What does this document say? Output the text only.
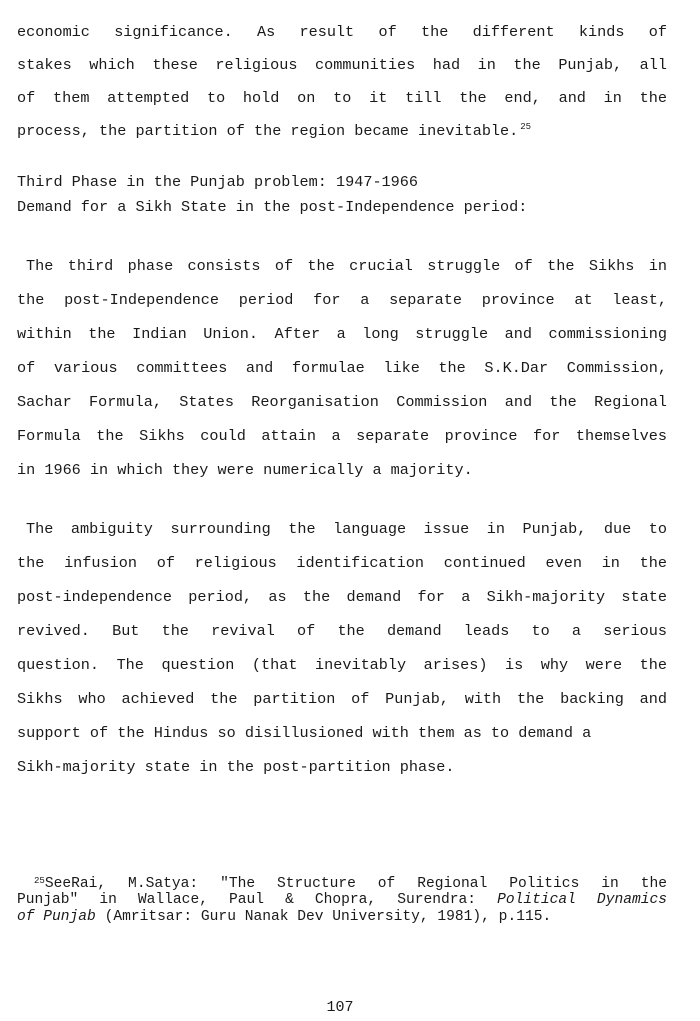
economic significance. As result of the different kinds of
stakes which these religious communities had in the Punjab, all
of them attempted to hold on to it till the end, and in the
process, the partition of the region became inevitable. $^{25}$
Third Phase in the Punjab problem: 1947-1966
Demand for a Sikh State in the post-Independence period:
The third phase consists of the crucial struggle of the Sikhs in
the post-Independence period for a separate province at least,
within the Indian Union. After a long struggle and commissioning
of various committees and formulae like the S.K.Dar Commission,
Sachar Formula, States Reorganisation Commission and the Regional
Formula the Sikhs could attain a separate province for themselves
in 1966 in which they were numerically a majority.
The ambiguity surrounding the language issue in Punjab, due to
the infusion of religious identification continued even in the
post-independence period, as the demand for a Sikh-majority state
revived. But the revival of the demand leads to a serious
question. The question (that inevitably arises) is why were the
Sikhs who achieved the partition of Punjab, with the backing and
support of the Hindus so disillusioned with them as to demand a
Sikh-majority state in the post-partition phase.
$^{25}$SeeRai, M.Satya: "The Structure of Regional Politics in the
Punjab" in Wallace, Paul & Chopra, Surendra: Political Dynamics
of Punjab (Amritsar: Guru Nanak Dev University, 1981), p.115.
107
